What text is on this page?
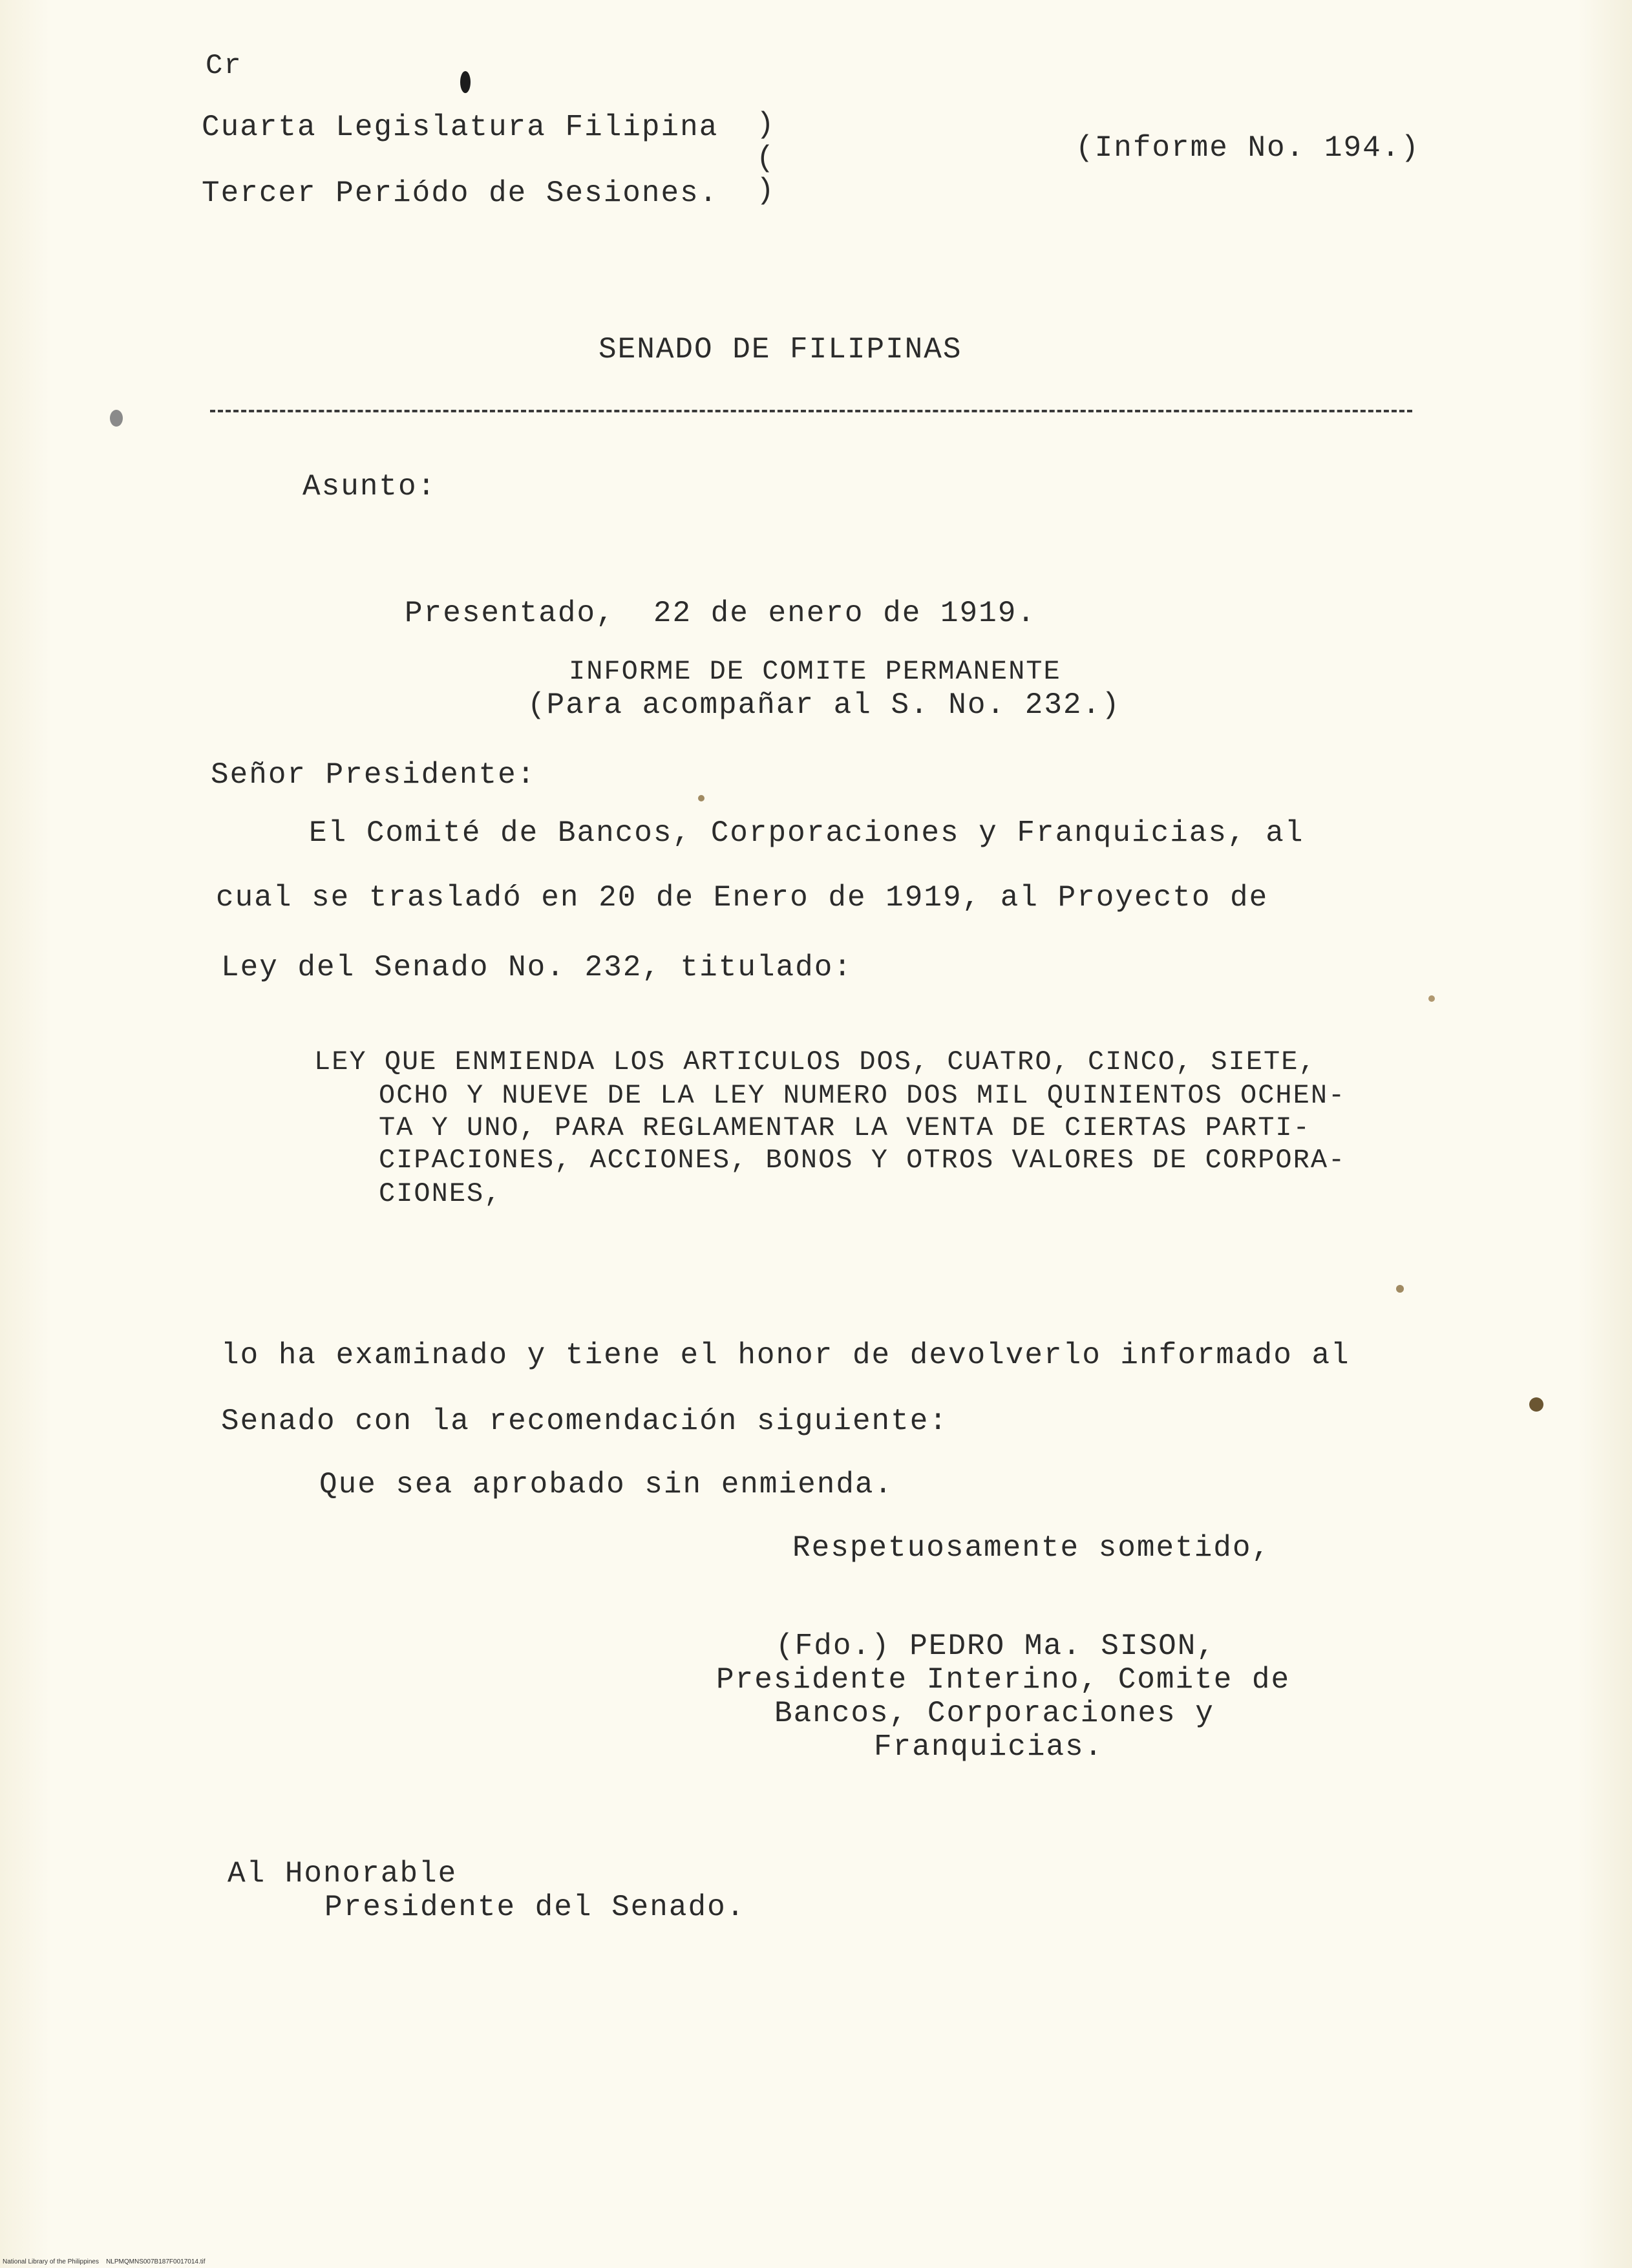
Cr
Cuarta Legislatura Filipina
Tercer Periódo de Sesiones.
)
(
)
(Informe No. 194.)
SENADO DE FILIPINAS
Asunto:
Presentado,  22 de enero de 1919.
INFORME DE COMITE PERMANENTE
(Para acompañar al S. No. 232.)
Señor Presidente:
El Comité de Bancos, Corporaciones y Franquicias, al
cual se trasladó en 20 de Enero de 1919, al Proyecto de
Ley del Senado No. 232, titulado:
LEY QUE ENMIENDA LOS ARTICULOS DOS, CUATRO, CINCO, SIETE,
OCHO Y NUEVE DE LA LEY NUMERO DOS MIL QUINIENTOS OCHEN-
TA Y UNO, PARA REGLAMENTAR LA VENTA DE CIERTAS PARTI-
CIPACIONES, ACCIONES, BONOS Y OTROS VALORES DE CORPORA-
CIONES,
lo ha examinado y tiene el honor de devolverlo informado al
Senado con la recomendación siguiente:
Que sea aprobado sin enmienda.
Respetuosamente sometido,
(Fdo.) PEDRO Ma. SISON,
Presidente Interino, Comite de
Bancos, Corporaciones y
Franquicias.
Al Honorable
Presidente del Senado.
National Library of the Philippines    NLPMQMNS007B187F0017014.tif
